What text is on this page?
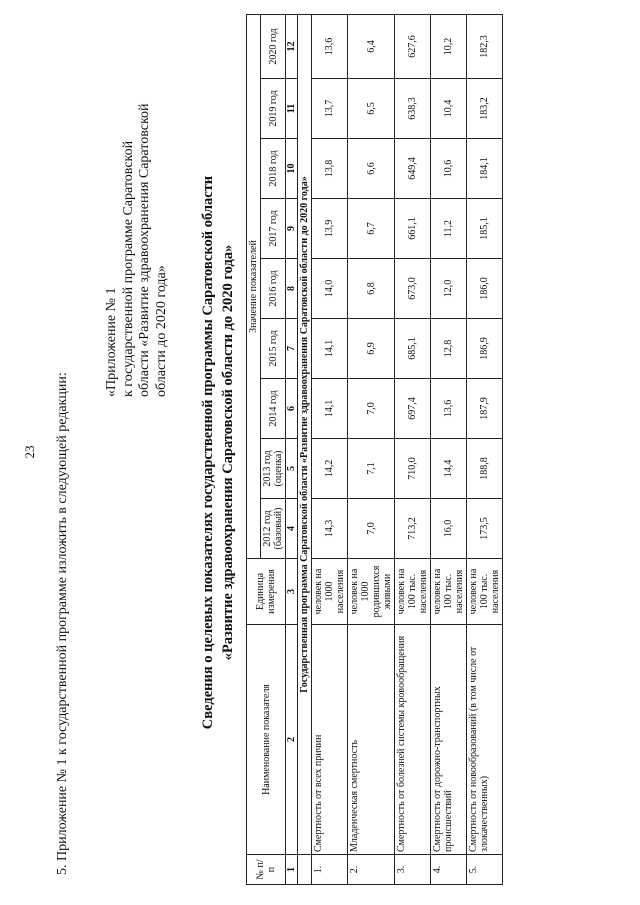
23 5. Приложение № 1 к государственной программе изложить в следующей редакции:
«Приложение № 1 к государственной программе Саратовской области «Развитие здравоохранения Саратовской области до 2020 года» Сведения о целевых показателях государственной программы Саратовской области «Развитие здравоохранения Саратовской области до 2020 года»
№ п/п	Наименование показателя	Единица измерения	Значение показателей								
			2012 год (базовый)	2013 год (оценка)	2014 год	2015 год	2016 год	2017 год	2018 год	2019 год	2020 год
1	2	3	4	5	6	7	8	9	10	11	12
	Государственная программа Саратовской области «Развитие здравоохранения Саратовской области до 2020 года»										
1.	Смертность от всех причин	человек на 1000 населения	14,3	14,2	14,1	14,1	14,0	13,9	13,8	13,7	13,6
2.	Младенческая смертность	человек на 1000 родившихся живыми	7,0	7,1	7,0	6,9	6,8	6,7	6,6	6,5	6,4
3.	Смертность от болезней системы кровообращения	человек на 100 тыс. населения	713,2	710,0	697,4	685,1	673,0	661,1	649,4	638,3	627,6
4.	Смертность от дорожно-транспортных происшествий	человек на 100 тыс. населения	16,0	14,4	13,6	12,8	12,0	11,2	10,6	10,4	10,2
5.	Смертность от новообразований (в том числе от злокачественных)	человек на 100 тыс. населения	173,5	188,8	187,9	186,9	186,0	185,1	184,1	183,2	182,3
